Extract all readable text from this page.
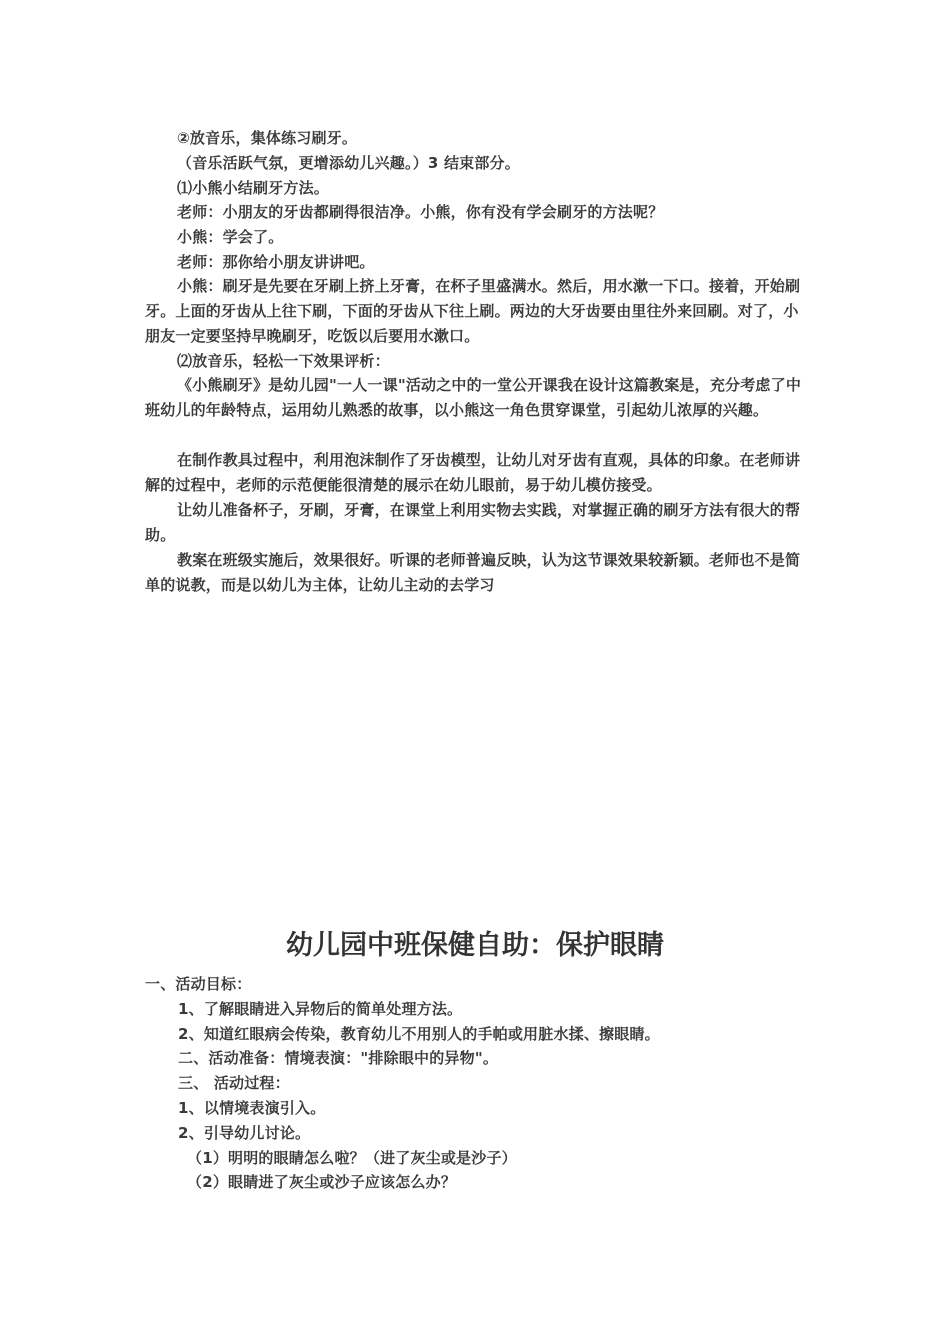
②放音乐，集体练习刷牙。

（音乐活跃气氛，更增添幼儿兴趣。）3 结束部分。

⑴小熊小结刷牙方法。

老师：小朋友的牙齿都刷得很洁净。小熊，你有没有学会刷牙的方法呢？

小熊：学会了。

老师：那你给小朋友讲讲吧。

小熊：刷牙是先要在牙刷上挤上牙膏，在杯子里盛满水。然后，用水漱一下口。接着，开始刷牙。上面的牙齿从上往下刷，下面的牙齿从下往上刷。两边的大牙齿要由里往外来回刷。对了，小朋友一定要坚持早晚刷牙，吃饭以后要用水漱口。

⑵放音乐，轻松一下效果评析：

《小熊刷牙》是幼儿园"一人一课"活动之中的一堂公开课我在设计这篇教案是，充分考虑了中班幼儿的年龄特点，运用幼儿熟悉的故事，以小熊这一角色贯穿课堂，引起幼儿浓厚的兴趣。

在制作教具过程中，利用泡沫制作了牙齿模型，让幼儿对牙齿有直观，具体的印象。在老师讲解的过程中，老师的示范便能很清楚的展示在幼儿眼前，易于幼儿模仿接受。

让幼儿准备杯子，牙刷，牙膏，在课堂上利用实物去实践，对掌握正确的刷牙方法有很大的帮助。

教案在班级实施后，效果很好。听课的老师普遍反映，认为这节课效果较新颖。老师也不是简单的说教，而是以幼儿为主体，让幼儿主动的去学习

幼儿园中班保健自助：保护眼睛

一、活动目标：

1、了解眼睛进入异物后的简单处理方法。

2、知道红眼病会传染，教育幼儿不用别人的手帕或用脏水揉、擦眼睛。

二、活动准备：情境表演："排除眼中的异物"。

三、 活动过程：

1、以情境表演引入。

2、引导幼儿讨论。

（1）明明的眼睛怎么啦？（进了灰尘或是沙子）

（2）眼睛进了灰尘或沙子应该怎么办？
